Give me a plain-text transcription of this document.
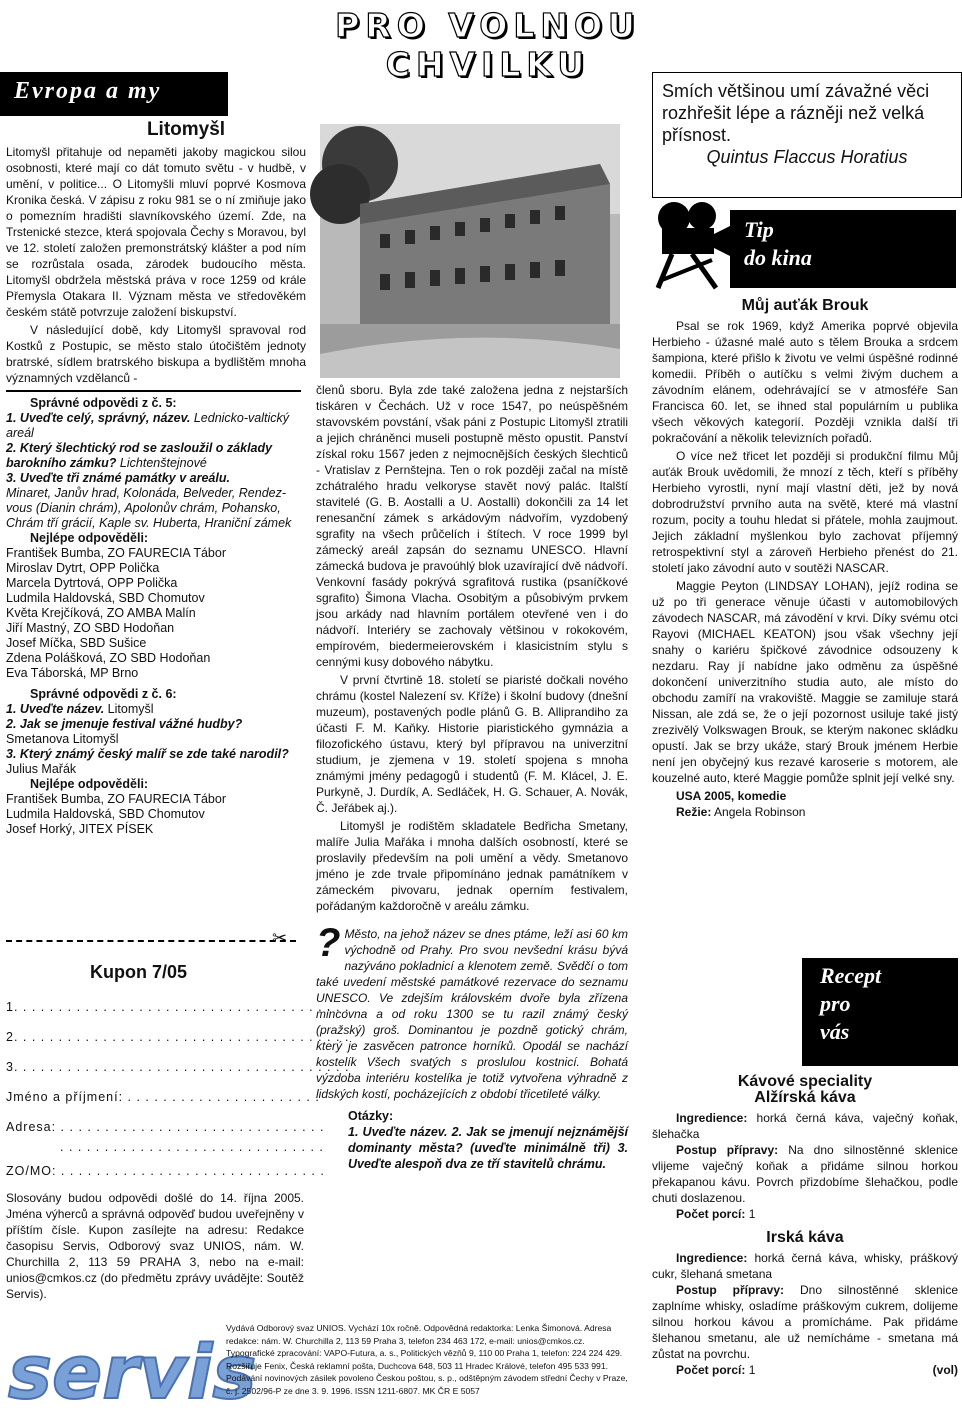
PRO VOLNOU CHVILKU
Evropa a my
Litomyšl

Litomyšl přitahuje od nepaměti jakoby magickou silou osobnosti, které mají co dát tomuto světu - v hudbě, v umění, v politice... O Litomyšli mluví poprvé Kosmova Kronika česká. V zápisu z roku 981 se o ní zmiňuje jako o pomezním hradišti slavníkovského území. Zde, na Trstenické stezce, která spojovala Čechy s Moravou, byl ve 12. století založen premonstrátský klášter a pod ním se rozrůstala osada, zárodek budoucího města. Litomyšl obdržela městská práva v roce 1259 od krále Přemysla Otakara II. Význam města ve středověkém českém státě potvrzuje založení biskupství.

V následující době, kdy Litomyšl spravoval rod Kostků z Postupic, se město stalo útočištěm jednoty bratrské, sídlem bratrského biskupa a bydlištěm mnoha významných vzdělanců -

Správné odpovědi z č. 5:
1. Uveďte celý, správný, název. Lednicko-valtický areál
2. Který šlechtický rod se zasloužil o základy barokního zámku? Lichtenštejnové
3. Uveďte tři známé památky v areálu.
Minaret, Janův hrad, Kolonáda, Belveder, Rendez-vous (Dianin chrám), Apolonův chrám, Pohansko, Chrám tří grácií, Kaple sv. Huberta, Hraniční zámek
Nejlépe odpověděli:
František Bumba, ZO FAURECIA Tábor
Miroslav Dytrt, OPP Polička
Marcela Dytrtová, OPP Polička
Ludmila Haldovská, SBD Chomutov
Květa Krejčíková, ZO AMBA Malín
Jiří Mastný, ZO SBD Hodoňan
Josef Míčka, SBD Sušice
Zdena Polášková, ZO SBD Hodoňan
Eva Táborská, MP Brno
Správné odpovědi z č. 6:
1. Uveďte název. Litomyšl
2. Jak se jmenuje festival vážné hudby?
Smetanova Litomyšl
3. Který známý český malíř se zde také narodil? Julius Mařák
Nejlépe odpověděli:
František Bumba, ZO FAURECIA Tábor
Ludmila Haldovská, SBD Chomutov
Josef Horký, JITEX PÍSEK
✂
Kupon 7/05
1. . . . . . . . . . . . . . . . . . . . . . . . . . . . . . . . . . . . . .
2. . . . . . . . . . . . . . . . . . . . . . . . . . . . . . . . . . . . . .
3. . . . . . . . . . . . . . . . . . . . . . . . . . . . . . . . . . . . . .
Jméno a příjmení: . . . . . . . . . . . . . . . . . . . . . .
Adresa: . . . . . . . . . . . . . . . . . . . . . . . . . . . . . .
. . . . . . . . . . . . . . . . . . . . . . . . . . . . . .
ZO/MO: . . . . . . . . . . . . . . . . . . . . . . . . . . . . . .
Slosovány budou odpovědi došlé do 14. října 2005. Jména výherců a správná odpověď budou uveřejněny v příštím čísle. Kupon zasílejte na adresu: Redakce časopisu Servis, Odborový svaz UNIOS, nám. W. Churchilla 2, 113 59 PRAHA 3, nebo na e-mail: unios@cmkos.cz (do předmětu zprávy uvádějte: Soutěž Servis).

členů sboru. Byla zde také založena jedna z nejstarších tiskáren v Čechách. Už v roce 1547, po neúspěšném stavovském povstání, však páni z Postupic Litomyšl ztratili a jejich chráněnci museli postupně město opustit. Panství získal roku 1567 jeden z nejmocnějších českých šlechticů - Vratislav z Pernštejna. Ten o rok později začal na místě zchátralého hradu velkoryse stavět nový palác. Italští stavitelé (G. B. Aostalli a U. Aostalli) dokončili za 14 let renesanční zámek s arkádovým nádvořím, vyzdobený sgrafity na všech průčelích i štítech. V roce 1999 byl zámecký areál zapsán do seznamu UNESCO. Hlavní zámecká budova je pravoúhlý blok uzavírající dvě nádvoří. Venkovní fasády pokrývá sgrafitová rustika (psaníčkové sgrafito) Šimona Vlacha. Osobitým a působivým prvkem jsou arkády nad hlavním portálem otevřené ven i do nádvoří. Interiéry se zachovaly většinou v rokokovém, empírovém, biedermeierovském i klasicistním stylu s cennými kusy dobového nábytku.

V první čtvrtině 18. století se piaristé dočkali nového chrámu (kostel Nalezení sv. Kříže) i školní budovy (dnešní muzeum), postavených podle plánů G. B. Alliprandiho za účasti F. M. Kaňky. Historie piaristického gymnázia a filozofického ústavu, který byl přípravou na univerzitní studium, je zjemena v 19. století spojena s mnoha známými jmény pedagogů i studentů (F. M. Klácel, J. E. Purkyně, J. Durdík, A. Sedláček, H. G. Schauer, A. Novák, Č. Jeřábek aj.).

Litomyšl je rodištěm skladatele Bedřicha Smetany, malíře Julia Mařáka i mnoha dalších osobností, které se proslavily především na poli umění a vědy. Smetanovo jméno je zde trvale připomínáno jednak památníkem v zámeckém pivovaru, jednak operním festivalem, pořádaným každoročně v areálu zámku.

? Město, na jehož název se dnes ptáme, leží asi 60 km východně od Prahy. Pro svou nevšední krásu bývá nazýváno pokladnicí a klenotem země. Svědčí o tom také uvedení městské památkové rezervace do seznamu UNESCO. Ve zdejším královském dvoře byla zřízena mincovna a od roku 1300 se tu razil známý český (pražský) groš. Dominantou je pozdně gotický chrám, který je zasvěcen patronce horníků. Opodál se nachází kostelík Všech svatých s proslulou kostnicí. Bohatá výzdoba interiéru kostelíka je totiž vytvořena výhradně z lidských kostí, pocházejících z období třicetileté války.
Otázky:
1. Uveďte název. 2. Jak se jmenují nejznámější dominanty města? (uveďte minimálně tři) 3. Uveďte alespoň dva ze tří stavitelů chrámu.
servis
Vydává Odborový svaz UNIOS. Vychází 10x ročně. Odpovědná redaktorka: Lenka Šimonová. Adresa redakce: nám. W. Churchilla 2, 113 59 Praha 3, telefon 234 463 172, e-mail: unios@cmkos.cz. Typografické zpracování: VAPO-Futura, a. s., Politických vězňů 9, 110 00 Praha 1, telefon: 224 224 429. Rozšiřuje Fenix, Česká reklamní pošta, Duchcova 648, 503 11 Hradec Králové, telefon 495 533 991. Podávání novinových zásilek povoleno Českou poštou, s. p., odštěpným závodem střední Čechy v Praze, č. j. 2502/96-P ze dne 3. 9. 1996. ISSN 1211-6807. MK ČR E 5057
Smích většinou umí závažné věci rozhřešit lépe a rázněji než velká přísnost.
Quintus Flaccus Horatius
Tip
do kina
Můj auťák Brouk

Psal se rok 1969, když Amerika poprvé objevila Herbieho - úžasné malé auto s tělem Brouka a srdcem šampiona, které přišlo k životu ve velmi úspěšné rodinné komedii. Příběh o autíčku s velmi živým duchem a závodním elánem, odehrávající se v atmosféře San Francisca 60. let, se ihned stal populárním u publika všech věkových kategorií. Později vznikla další tři pokračování a několik televizních pořadů.

O více než třicet let později si produkční filmu Můj auťák Brouk uvědomili, že mnozí z těch, kteří s příběhy Herbieho vyrostli, nyní mají vlastní děti, jež by nová dobrodružství prvního auta na světě, které má vlastní rozum, pocity a touhu hledat si přátele, mohla zaujmout. Jejich základní myšlenkou bylo zachovat příjemný retrospektivní styl a zároveň Herbieho přenést do 21. století jako závodní auto v soutěži NASCAR.

Maggie Peyton (LINDSAY LOHAN), jejíž rodina se už po tři generace věnuje účasti v automobilových závodech NASCAR, má závodění v krvi. Díky svému otci Rayovi (MICHAEL KEATON) jsou však všechny její snahy o kariéru špičkové závodnice odsouzeny k nezdaru. Ray jí nabídne jako odměnu za úspěšné dokončení univerzitního studia auto, ale místo do obchodu zamíří na vrakoviště. Maggie se zamiluje stará Nissan, ale zdá se, že o její pozornost usiluje také jistý zrezivělý Volkswagen Brouk, se kterým nakonec skládku opustí. Jak se brzy ukáže, starý Brouk jménem Herbie není jen obyčejný kus rezavé karoserie s motorem, ale kouzelné auto, které Maggie pomůže splnit její velké sny.

USA 2005, komedie
Režie: Angela Robinson
Recept
pro
vás
Kávové speciality
Alžírská káva
Ingredience: horká černá káva, vaječný koňak, šlehačka
Postup přípravy: Na dno silnostěnné sklenice vlijeme vaječný koňak a přidáme silnou horkou překapanou kávu. Povrch přizdobíme šlehačkou, podle chuti doslazenou.
Počet porcí: 1
Irská káva
Ingredience: horká černá káva, whisky, práškový cukr, šlehaná smetana
Postup přípravy: Dno silnostěnné sklenice zaplníme whisky, osladíme práškovým cukrem, dolijeme silnou horkou kávou a promícháme. Pak přidáme šlehanou smetanu, ale už nemícháme - smetana má zůstat na povrchu.
Počet porcí: 1	(vol)
